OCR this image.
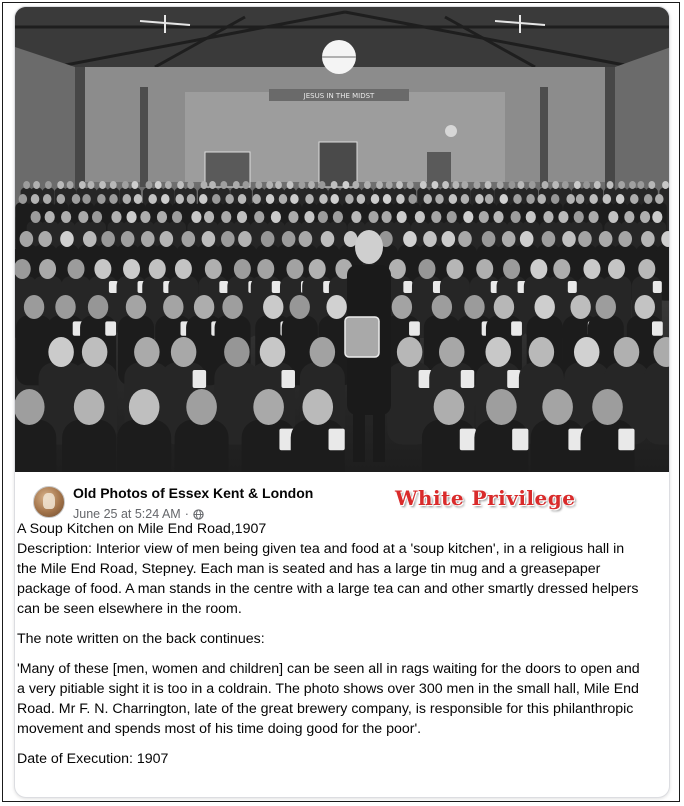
JESUS IN THE MIDST
Old Photos of Essex Kent & London
June 25 at 5:24 AM ·
White Privilege

A Soup Kitchen on Mile End Road,1907

Description: Interior view of men being given tea and food at a 'soup kitchen', in a religious hall in the Mile End Road, Stepney. Each man is seated and has a large tin mug and a greasepaper package of food. A man stands in the centre with a large tea can and other smartly dressed helpers can be seen elsewhere in the room.

The note written on the back continues:

'Many of these [men, women and children] can be seen all in rags waiting for the doors to open and a very pitiable sight it is too in a coldrain. The photo shows over 300 men in the small hall, Mile End Road. Mr F. N. Charrington, late of the great brewery company, is responsible for this philanthropic movement and spends most of his time doing good for the poor'.

Date of Execution: 1907
